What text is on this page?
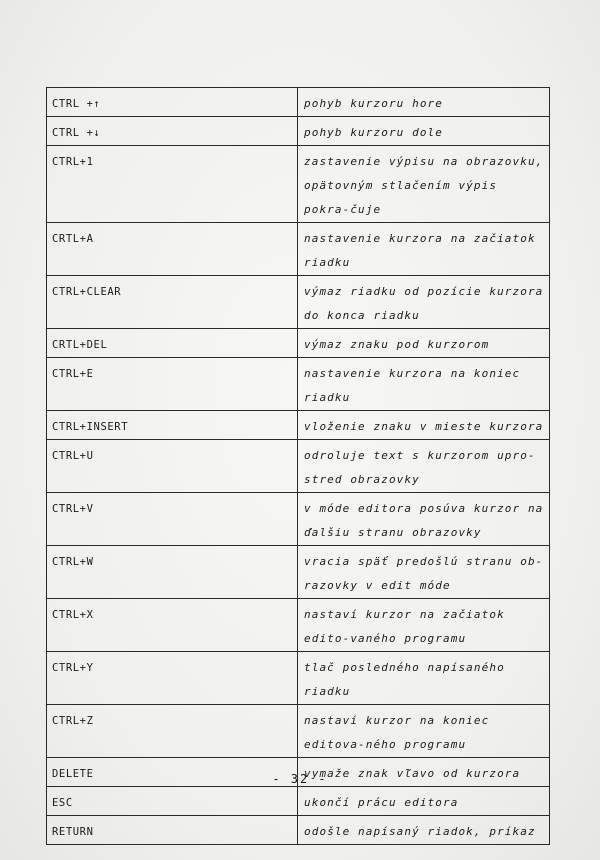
CTRL +↑	pohyb kurzoru hore
CTRL +↓	pohyb kurzoru dole
CTRL+1	zastavenie výpisu na obrazovku, opätovným stlačením výpis pokra-čuje
CRTL+A	nastavenie kurzora na začiatok riadku
CTRL+CLEAR	výmaz riadku od pozície kurzora do konca riadku
CRTL+DEL	výmaz znaku pod kurzorom
CTRL+E	nastavenie kurzora na koniec riadku
CTRL+INSERT	vloženie znaku v mieste kurzora
CTRL+U	odroluje text s kurzorom upro-stred obrazovky
CTRL+V	v móde editora posúva kurzor na ďalšiu stranu obrazovky
CTRL+W	vracia späť predošlú stranu ob-razovky v edit móde
CTRL+X	nastaví kurzor na začiatok edito-vaného programu
CTRL+Y	tlač posledného napísaného riadku
CTRL+Z	nastaví kurzor na koniec editova-ného programu
DELETE	vymaže znak vľavo od kurzora
ESC	ukončí prácu editora
RETURN	odošle napísaný riadok, príkaz
- 32 -
